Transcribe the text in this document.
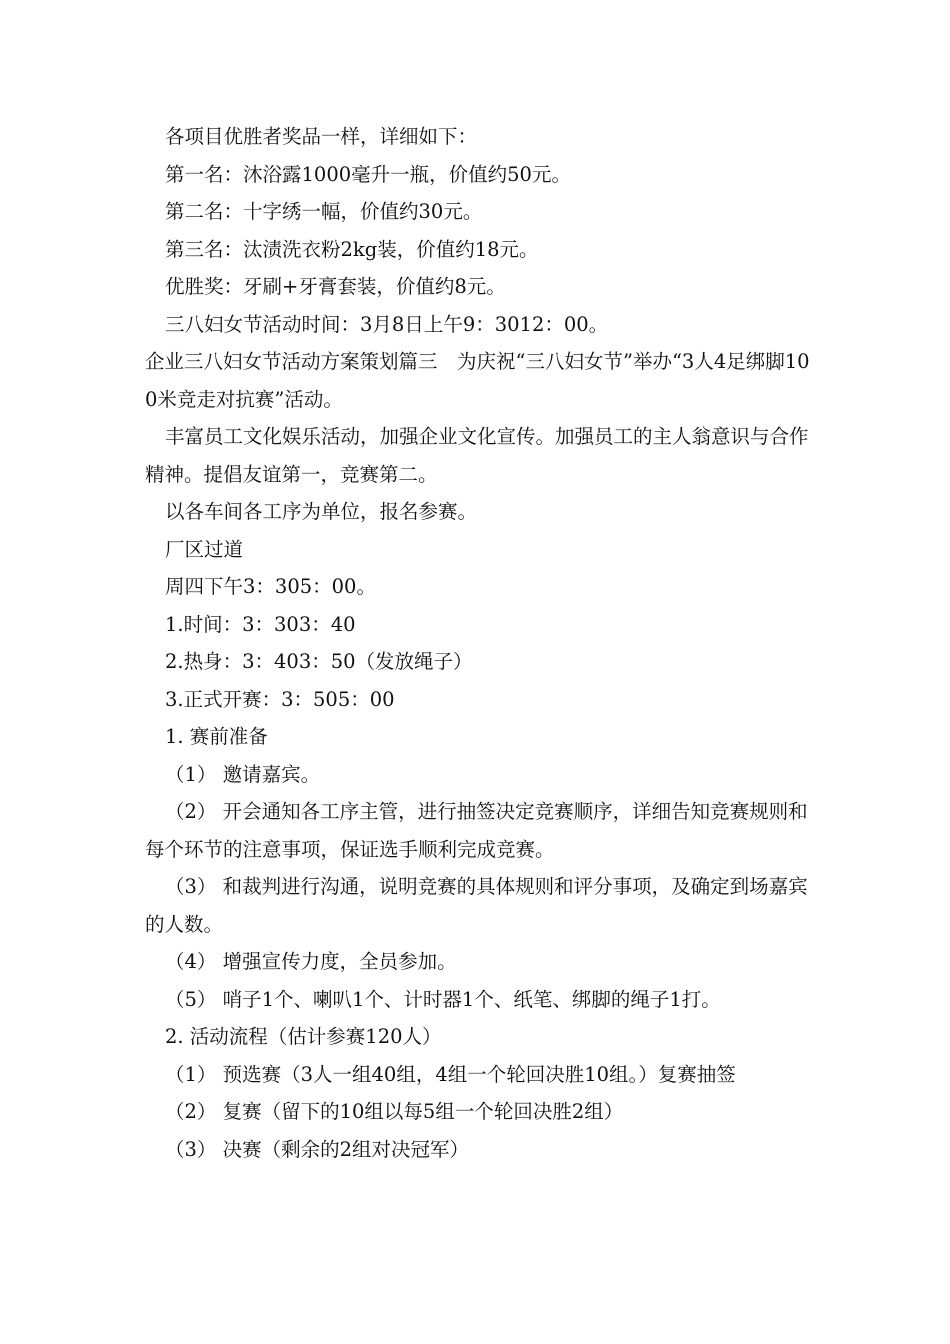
各项目优胜者奖品一样，详细如下：

第一名：沐浴露1000毫升一瓶，价值约50元。

第二名：十字绣一幅，价值约30元。

第三名：汰渍洗衣粉2kg装，价值约18元。

优胜奖：牙刷+牙膏套装，价值约8元。

三八妇女节活动时间：3月8日上午9：3012：00。

企业三八妇女节活动方案策划篇三　为庆祝“三八妇女节”举办“3人4足绑脚100米竞走对抗赛”活动。

丰富员工文化娱乐活动，加强企业文化宣传。加强员工的主人翁意识与合作精神。提倡友谊第一，竞赛第二。

以各车间各工序为单位，报名参赛。

厂区过道

周四下午3：305：00。

1.时间：3：303：40

2.热身：3：403：50（发放绳子）

3.正式开赛：3：505：00

1. 赛前准备

（1） 邀请嘉宾。

（2） 开会通知各工序主管，进行抽签决定竞赛顺序，详细告知竞赛规则和每个环节的注意事项，保证选手顺利完成竞赛。

（3） 和裁判进行沟通，说明竞赛的具体规则和评分事项，及确定到场嘉宾的人数。

（4） 增强宣传力度，全员参加。

（5） 哨子1个、喇叭1个、计时器1个、纸笔、绑脚的绳子1打。

2. 活动流程（估计参赛120人）

（1） 预选赛（3人一组40组，4组一个轮回决胜10组。）复赛抽签

（2） 复赛（留下的10组以每5组一个轮回决胜2组）

（3） 决赛（剩余的2组对决冠军）
